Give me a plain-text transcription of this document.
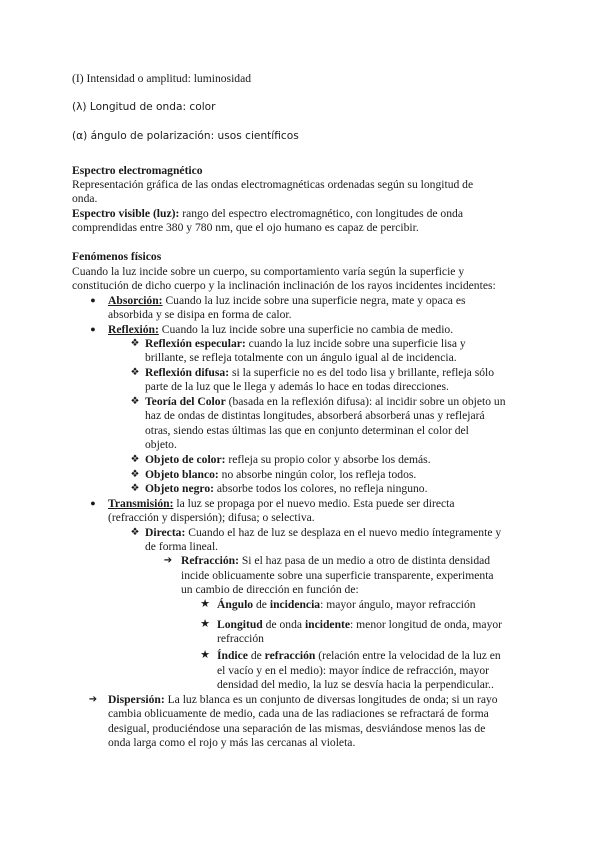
(I) Intensidad o amplitud: luminosidad
(λ) Longitud de onda: color
(α) ángulo de polarización: usos científicos
Espectro electromagnético
Representación gráfica de las ondas electromagnéticas ordenadas según su longitud de
onda.
Espectro visible (luz): rango del espectro electromagnético, con longitudes de onda
comprendidas entre 380 y 780 nm, que el ojo humano es capaz de percibir.
Fenómenos físicos
Cuando la luz incide sobre un cuerpo, su comportamiento varía según la superficie y
constitución de dicho cuerpo y la inclinación inclinación de los rayos incidentes incidentes:
● Absorción: Cuando la luz incide sobre una superficie negra, mate y opaca es
absorbida y se disipa en forma de calor.
● Reflexión: Cuando la luz incide sobre una superficie no cambia de medio.
❖ Reflexión especular: cuando la luz incide sobre una superficie lisa y
brillante, se refleja totalmente con un ángulo igual al de incidencia.
❖ Reflexión difusa: si la superficie no es del todo lisa y brillante, refleja sólo
parte de la luz que le llega y además lo hace en todas direcciones.
❖ Teoría del Color (basada en la reflexión difusa): al incidir sobre un objeto un
haz de ondas de distintas longitudes, absorberá absorberá unas y reflejará
otras, siendo estas últimas las que en conjunto determinan el color del
objeto.
❖ Objeto de color: refleja su propio color y absorbe los demás.
❖ Objeto blanco: no absorbe ningún color, los refleja todos.
❖ Objeto negro: absorbe todos los colores, no refleja ninguno.
● Transmisión: la luz se propaga por el nuevo medio. Esta puede ser directa
(refracción y dispersión); difusa; o selectiva.
❖ Directa: Cuando el haz de luz se desplaza en el nuevo medio íntegramente y
de forma lineal.
➔ Refracción: Si el haz pasa de un medio a otro de distinta densidad
incide oblicuamente sobre una superficie transparente, experimenta
un cambio de dirección en función de:
★ Ángulo de incidencia: mayor ángulo, mayor refracción
★ Longitud de onda incidente: menor longitud de onda, mayor
refracción
★ Índice de refracción (relación entre la velocidad de la luz en
el vacío y en el medio): mayor índice de refracción, mayor
densidad del medio, la luz se desvía hacia la perpendicular..
➔ Dispersión: La luz blanca es un conjunto de diversas longitudes de onda; si un rayo
cambia oblicuamente de medio, cada una de las radiaciones se refractará de forma
desigual, produciéndose una separación de las mismas, desviándose menos las de
onda larga como el rojo y más las cercanas al violeta.
